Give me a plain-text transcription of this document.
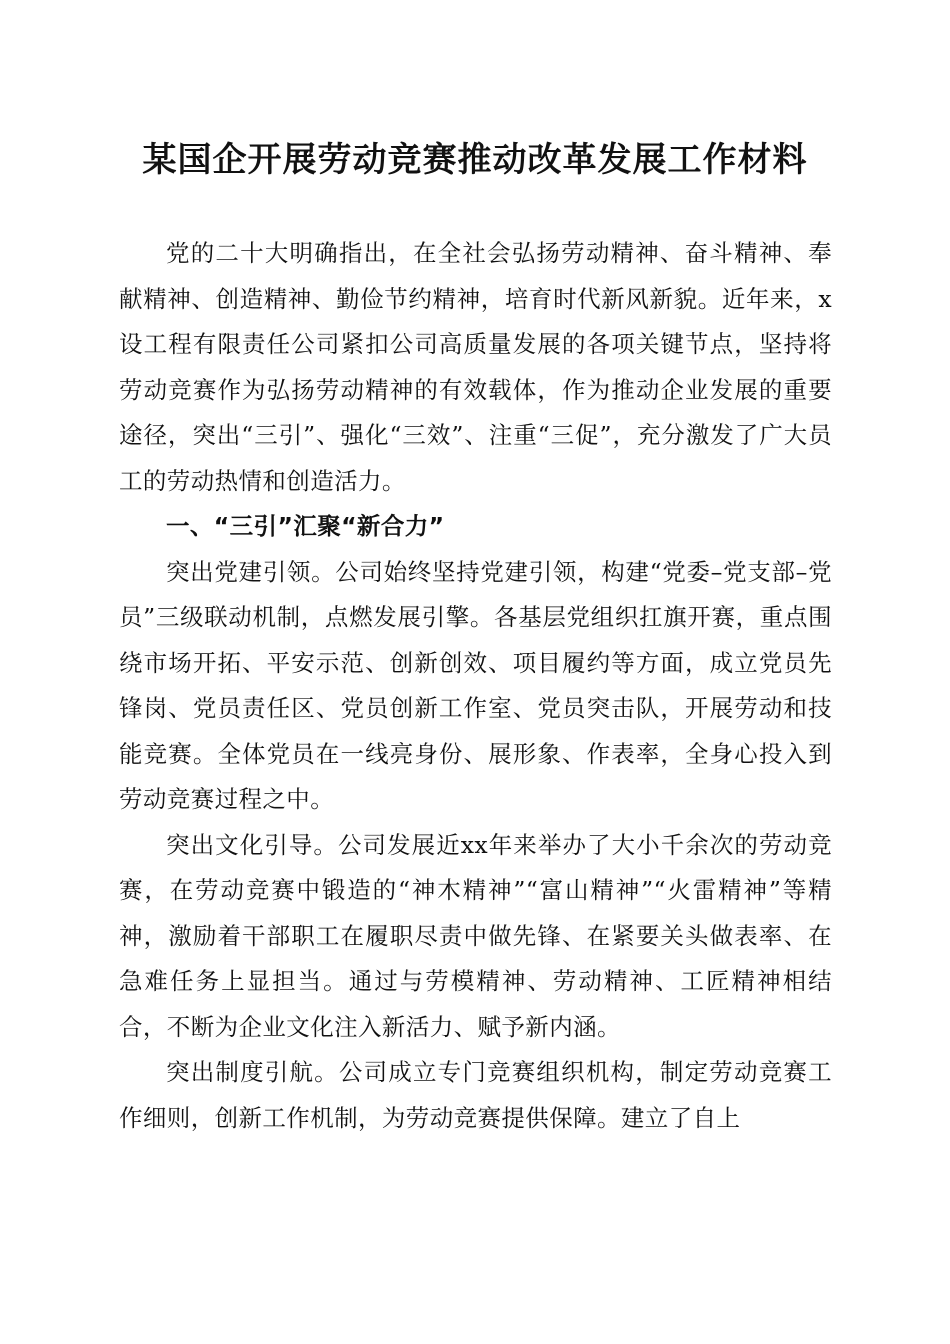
某国企开展劳动竞赛推动改革发展工作材料

党的二十大明确指出，在全社会弘扬劳动精神、奋斗精神、奉献精神、创造精神、勤俭节约精神，培育时代新风新貌。近年来，x设工程有限责任公司紧扣公司高质量发展的各项关键节点，坚持将劳动竞赛作为弘扬劳动精神的有效载体，作为推动企业发展的重要途径，突出“三引”、强化“三效”、注重“三促”，充分激发了广大员工的劳动热情和创造活力。

一、“三引”汇聚“新合力”

突出党建引领。公司始终坚持党建引领，构建“党委–党支部–党员”三级联动机制，点燃发展引擎。各基层党组织扛旗开赛，重点围绕市场开拓、平安示范、创新创效、项目履约等方面，成立党员先锋岗、党员责任区、党员创新工作室、党员突击队，开展劳动和技能竞赛。全体党员在一线亮身份、展形象、作表率，全身心投入到劳动竞赛过程之中。

突出文化引导。公司发展近xx年来举办了大小千余次的劳动竞赛，在劳动竞赛中锻造的“神木精神”“富山精神”“火雷精神”等精神，激励着干部职工在履职尽责中做先锋、在紧要关头做表率、在急难任务上显担当。通过与劳模精神、劳动精神、工匠精神相结合，不断为企业文化注入新活力、赋予新内涵。

突出制度引航。公司成立专门竞赛组织机构，制定劳动竞赛工作细则，创新工作机制，为劳动竞赛提供保障。建立了自上
